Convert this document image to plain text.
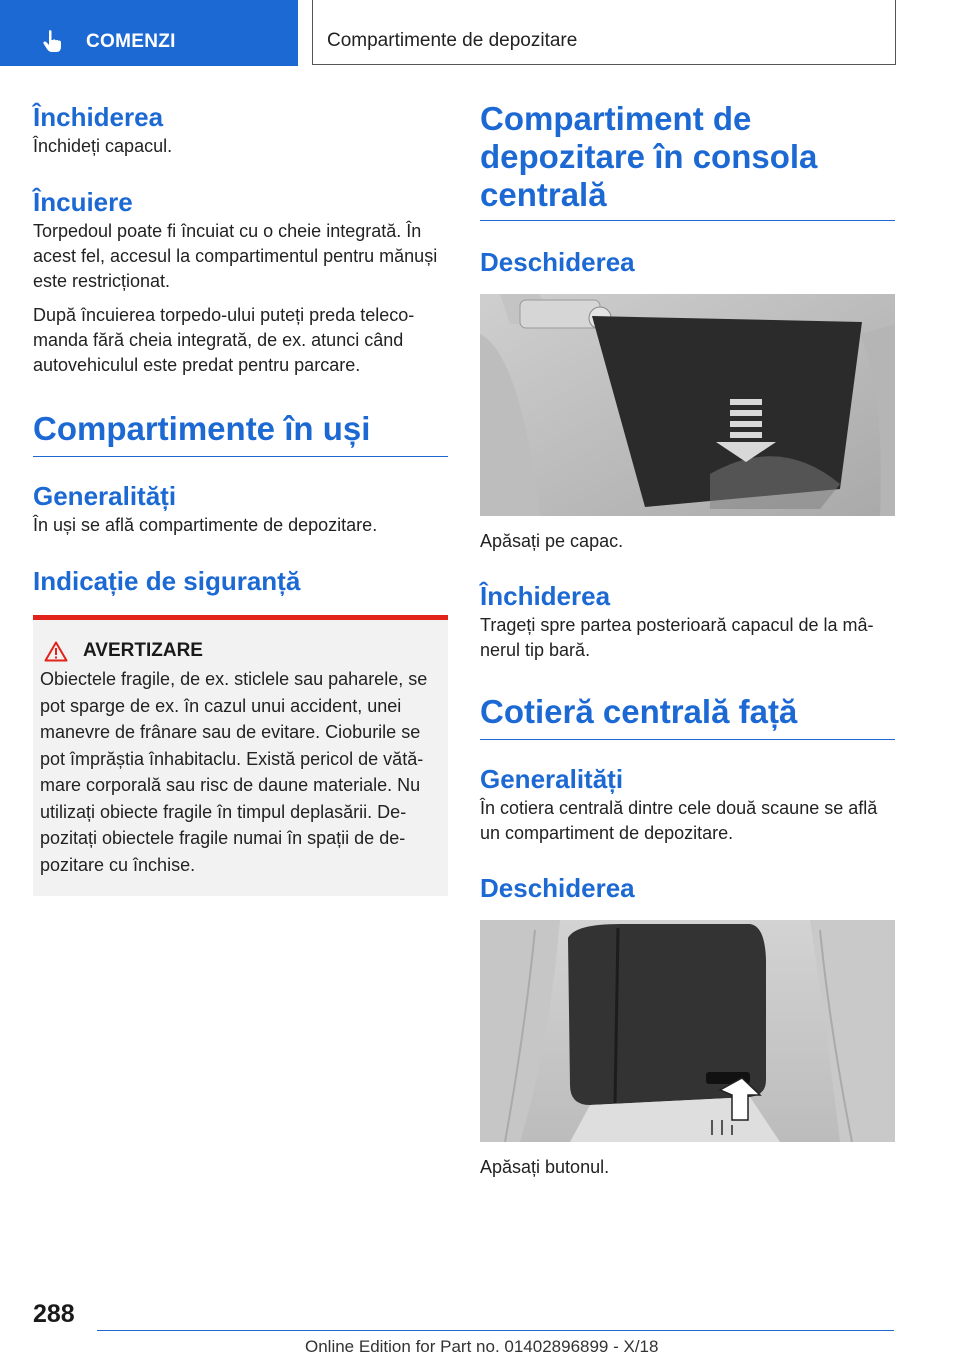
COMENZI	Compartimente de depozitare
Închiderea

Închideți capacul.

Încuiere

Torpedoul poate fi încuiat cu o cheie integrată. În acest fel, accesul la compartimentul pentru mănuși este restricționat.

După încuierea torpedo-ului puteți preda telecomanda fără cheia integrată, de ex. atunci când autovehiculul este predat pentru parcare.

Compartimente în uși
Generalități

În uși se află compartimente de depozitare.

Indicație de siguranță
AVERTIZARE

Obiectele fragile, de ex. sticlele sau paharele, se pot sparge de ex. în cazul unui accident, unei manevre de frânare sau de evitare. Cioburile se pot împrăștia înhabitaclu. Există pericol de vătămare corporală sau risc de daune materiale. Nu utilizați obiecte fragile în timpul deplasării. Depozitați obiectele fragile numai în spații de depozitare cu închise.

Compartiment de depozitare în consola centrală
Deschiderea

Apăsați pe capac.

Închiderea

Trageți spre partea posterioară capacul de la mânerul tip bară.

Cotieră centrală față
Generalități

În cotiera centrală dintre cele două scaune se află un compartiment de depozitare.

Deschiderea

Apăsați butonul.

288
Online Edition for Part no. 01402896899 - X/18
